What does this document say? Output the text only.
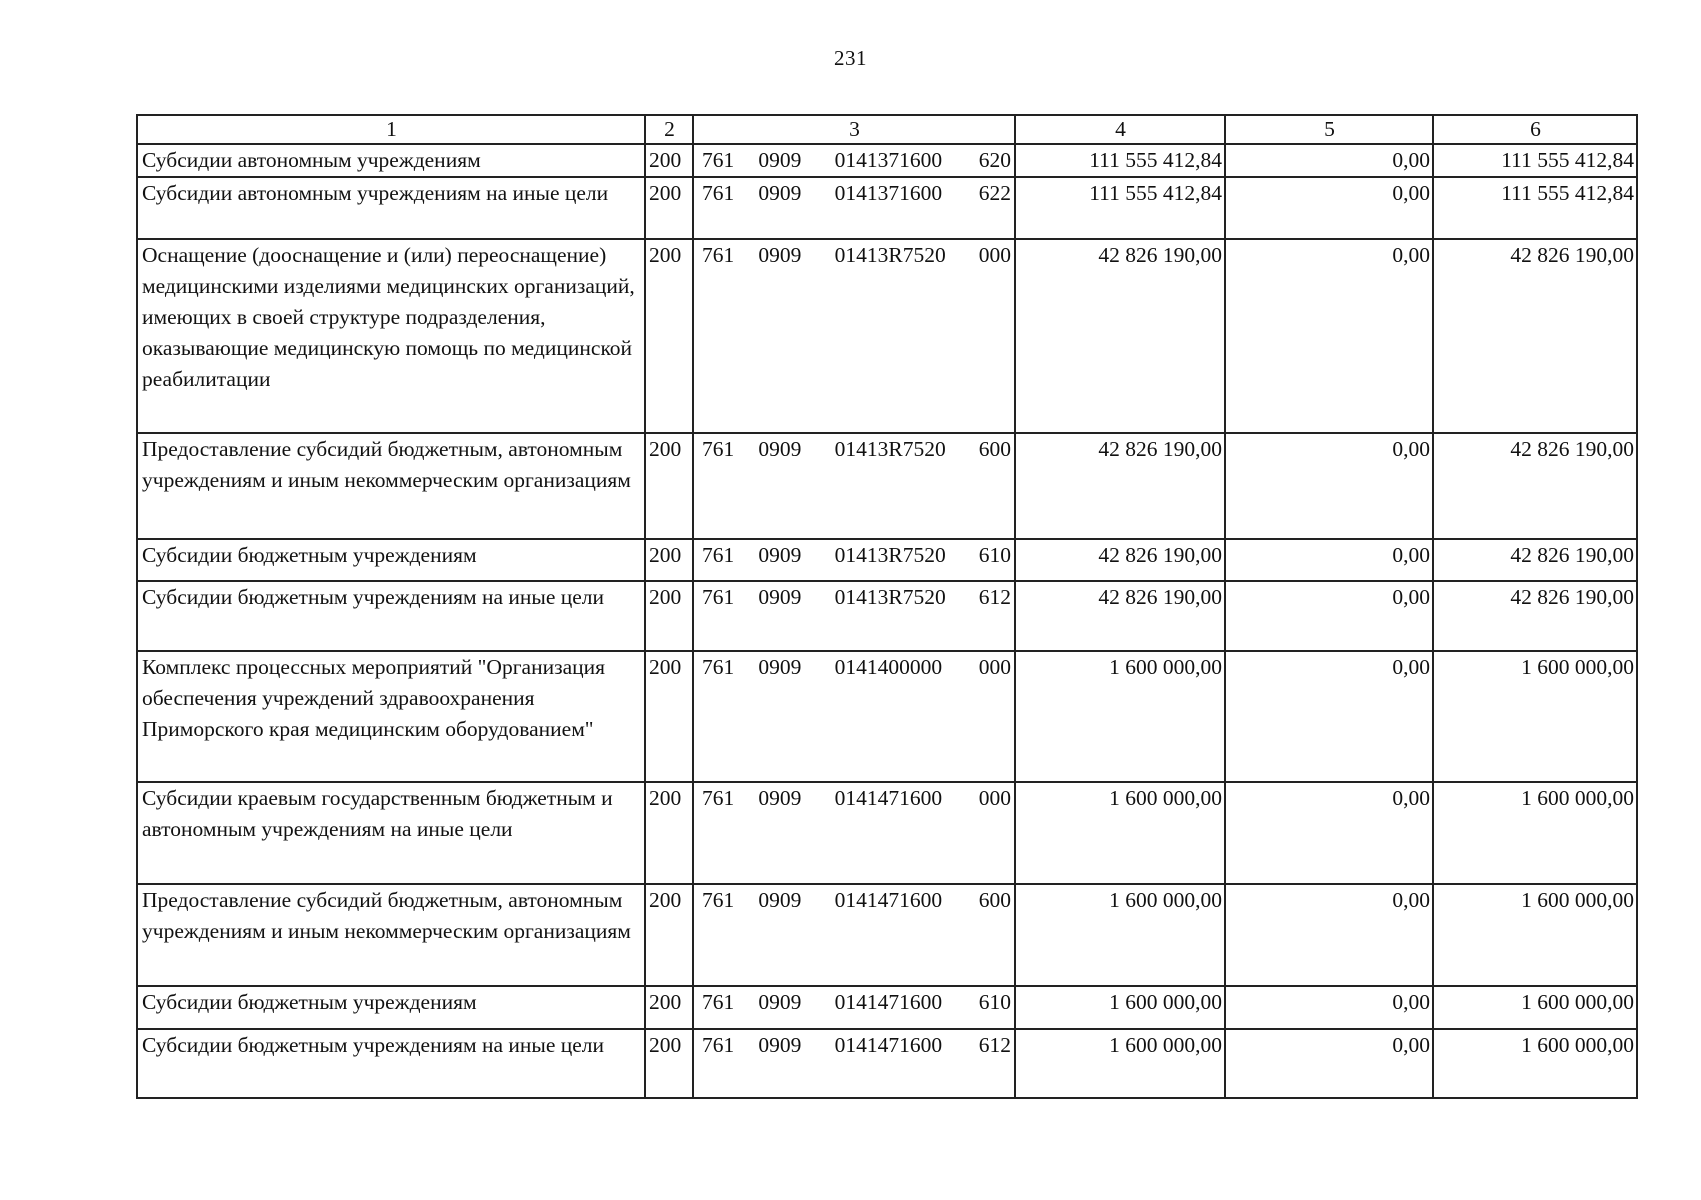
231
1	2	3	4	5	6
Субсидии автономным учреждениям	200	761 0909 0141371600 620	111 555 412,84	0,00	111 555 412,84
Субсидии автономным учреждениям на иные цели	200	761 0909 0141371600 622	111 555 412,84	0,00	111 555 412,84
Оснащение (дооснащение и (или) переоснащение) медицинскими изделиями медицинских организаций, имеющих в своей структуре подразделения, оказывающие медицинскую помощь по медицинской реабилитации	200	761 0909 01413R7520 000	42 826 190,00	0,00	42 826 190,00
Предоставление субсидий бюджетным, автономным учреждениям и иным некоммерческим организациям	200	761 0909 01413R7520 600	42 826 190,00	0,00	42 826 190,00
Субсидии бюджетным учреждениям	200	761 0909 01413R7520 610	42 826 190,00	0,00	42 826 190,00
Субсидии бюджетным учреждениям на иные цели	200	761 0909 01413R7520 612	42 826 190,00	0,00	42 826 190,00
Комплекс процессных мероприятий "Организация обеспечения учреждений здравоохранения Приморского края медицинским оборудованием"	200	761 0909 0141400000 000	1 600 000,00	0,00	1 600 000,00
Субсидии краевым государственным бюджетным и автономным учреждениям на иные цели	200	761 0909 0141471600 000	1 600 000,00	0,00	1 600 000,00
Предоставление субсидий бюджетным, автономным учреждениям и иным некоммерческим организациям	200	761 0909 0141471600 600	1 600 000,00	0,00	1 600 000,00
Субсидии бюджетным учреждениям	200	761 0909 0141471600 610	1 600 000,00	0,00	1 600 000,00
Субсидии бюджетным учреждениям на иные цели	200	761 0909 0141471600 612	1 600 000,00	0,00	1 600 000,00
